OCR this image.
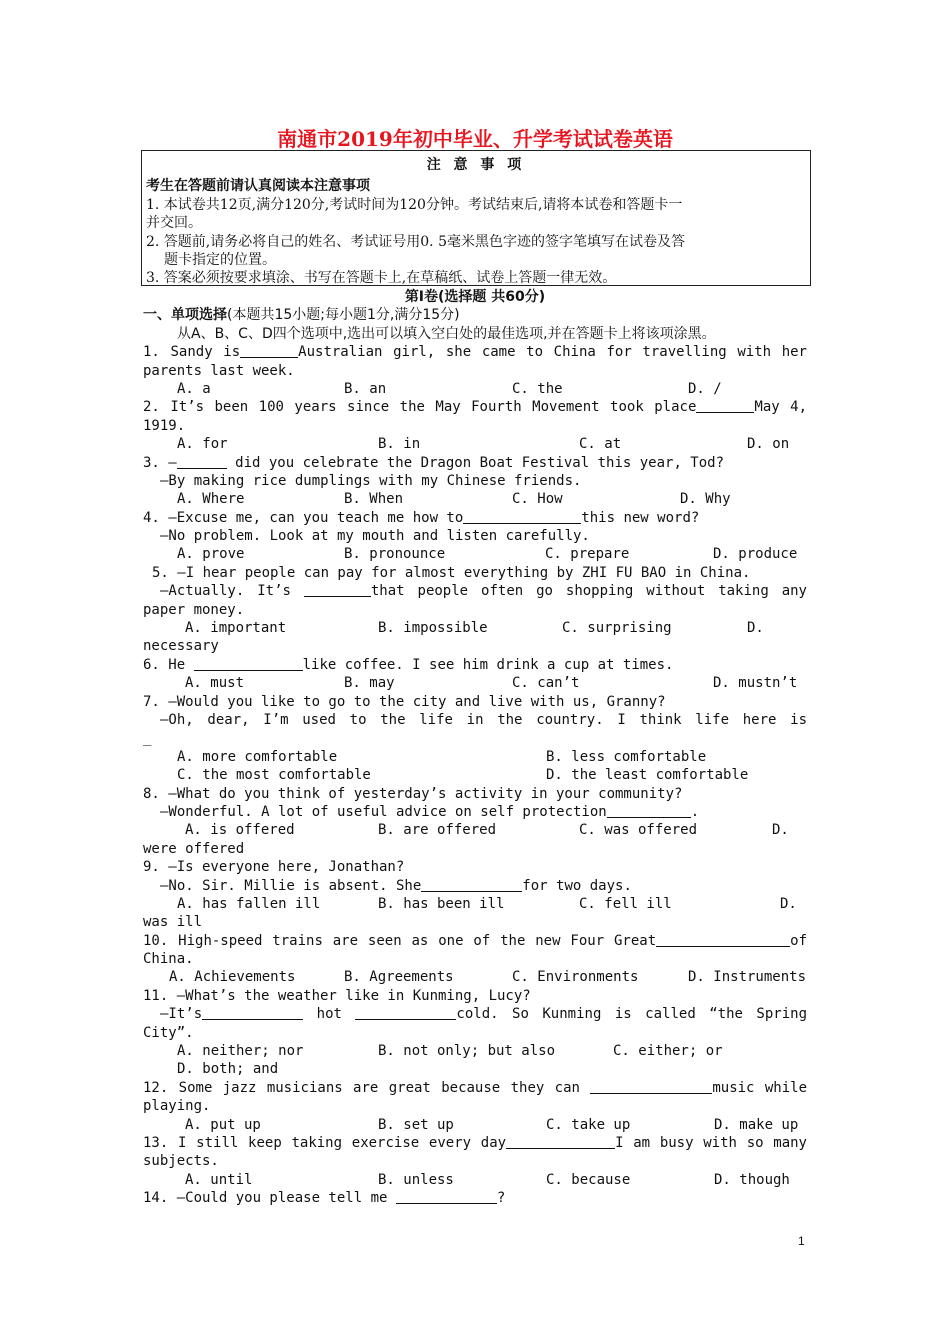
南通市2019年初中毕业、升学考试试卷英语
注 意 事 项
考生在答题前请认真阅读本注意事项
1. 本试卷共12页,满分120分,考试时间为120分钟。考试结束后,请将本试卷和答题卡一
并交回。
2. 答题前,请务必将自己的姓名、考试证号用0. 5毫米黑色字迹的签字笔填写在试卷及答
题卡指定的位置。
3. 答案必须按要求填涂、书写在答题卡上,在草稿纸、试卷上答题一律无效。
第Ⅰ卷(选择题 共60分)
一、单项选择(本题共15小题;每小题1分,满分15分)
从A、B、C、D四个选项中,选出可以填入空白处的最佳选项,并在答题卡上将该项涂黑。
1. Sandy is	Australian girl, she came to China for travelling with her
parents last week.
A. a	B. an	C. the	D. /
2. It’s been 100 years since the May Fourth Movement took place	May 4,
1919.
A. for	B. in	C. at	D. on
3. —	did you celebrate the Dragon Boat Festival this year, Tod?
—By making rice dumplings with my Chinese friends.
A. Where	B. When	C. How	D. Why
4. —Excuse me, can you teach me how to	this new word?
—No problem. Look at my mouth and listen carefully.
A. prove	B. pronounce	C. prepare	D. produce
5. —I hear people can pay for almost everything by ZHI FU BAO in China.
—Actually. It’s	that people often go shopping without taking any
paper money.
A. important	B. impossible	C. surprising	D.
necessary
6. He	like coffee. I see him drink a cup at times.
A. must	B. may	C. can’t	D. mustn’t
7. —Would you like to go to the city and live with us, Granny?
—Oh, dear, I’m used to the life in the country. I think life here is
_
A. more comfortable	B. less comfortable
C. the most comfortable	D. the least comfortable
8. —What do you think of yesterday’s activity in your community?
—Wonderful. A lot of useful advice on self protection	.
A. is offered	B. are offered	C. was offered	D.
were offered
9. —Is everyone here, Jonathan?
—No. Sir. Millie is absent. She	for two days.
A. has fallen ill	B. has been ill	C. fell ill	D.
was ill
10. High-speed trains are seen as one of the new Four Great	of
China.
A. Achievements	B. Agreements	C. Environments	D. Instruments
11. —What’s the weather like in Kunming, Lucy?
—It’s	hot	cold. So Kunming is called “the Spring
City”.
A. neither; nor	B. not only; but also	C. either; or
D. both; and
12. Some jazz musicians are great because they can	music while
playing.
A. put up	B. set up	C. take up	D. make up
13. I still keep taking exercise every day	I am busy with so many
subjects.
A. until	B. unless	C. because	D. though
14. —Could you please tell me	?
1
